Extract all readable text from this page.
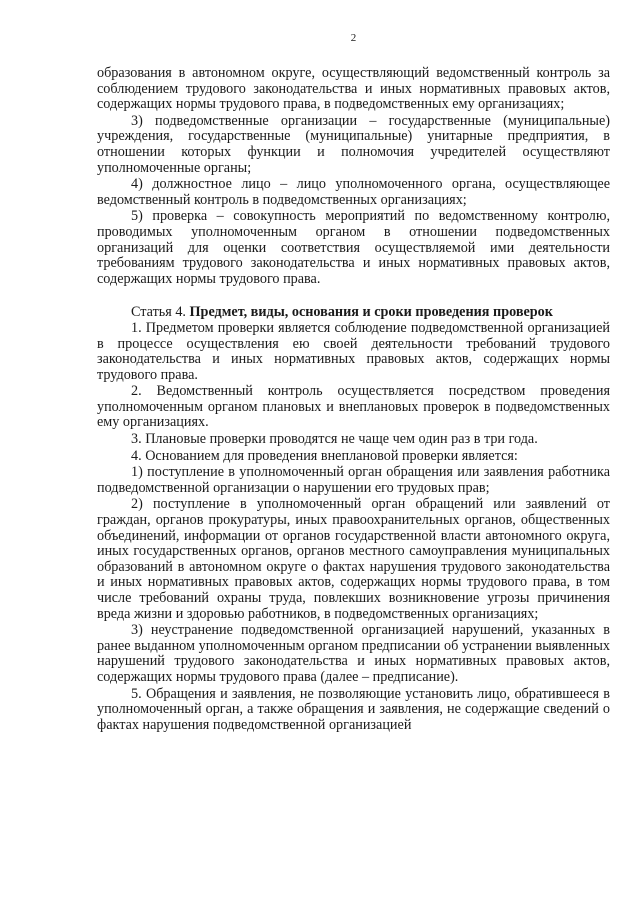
2

образования в автономном округе, осуществляющий ведомственный контроль за соблюдением трудового законодательства и иных нормативных правовых актов, содержащих нормы трудового права, в подведомственных ему организациях;

3) подведомственные организации – государственные (муниципальные) учреждения, государственные (муниципальные) унитарные предприятия, в отношении которых функции и полномочия учредителей осуществляют уполномоченные органы;

4) должностное лицо – лицо уполномоченного органа, осуществляющее ведомственный контроль в подведомственных организациях;

5) проверка – совокупность мероприятий по ведомственному контролю, проводимых уполномоченным органом в отношении подведомственных организаций для оценки соответствия осуществляемой ими деятельности требованиям трудового законодательства и иных нормативных правовых актов, содержащих нормы трудового права.

Статья 4. Предмет, виды, основания и сроки проведения проверок

1. Предметом проверки является соблюдение подведомственной организацией в процессе осуществления ею своей деятельности требований трудового законодательства и иных нормативных правовых актов, содержащих нормы трудового права.

2. Ведомственный контроль осуществляется посредством проведения уполномоченным органом плановых и внеплановых проверок в подведомственных ему организациях.

3. Плановые проверки проводятся не чаще чем один раз в три года.

4. Основанием для проведения внеплановой проверки является:

1) поступление в уполномоченный орган обращения или заявления работника подведомственной организации о нарушении его трудовых прав;

2) поступление в уполномоченный орган обращений или заявлений от граждан, органов прокуратуры, иных правоохранительных органов, общественных объединений, информации от органов государственной власти автономного округа, иных государственных органов, органов местного самоуправления муниципальных образований в автономном округе о фактах нарушения трудового законодательства и иных нормативных правовых актов, содержащих нормы трудового права, в том числе требований охраны труда, повлекших возникновение угрозы причинения вреда жизни и здоровью работников, в подведомственных организациях;

3) неустранение подведомственной организацией нарушений, указанных в ранее выданном уполномоченным органом предписании об устранении выявленных нарушений трудового законодательства и иных нормативных правовых актов, содержащих нормы трудового права (далее – предписание).

5. Обращения и заявления, не позволяющие установить лицо, обратившееся в уполномоченный орган, а также обращения и заявления, не содержащие сведений о фактах нарушения подведомственной организацией
